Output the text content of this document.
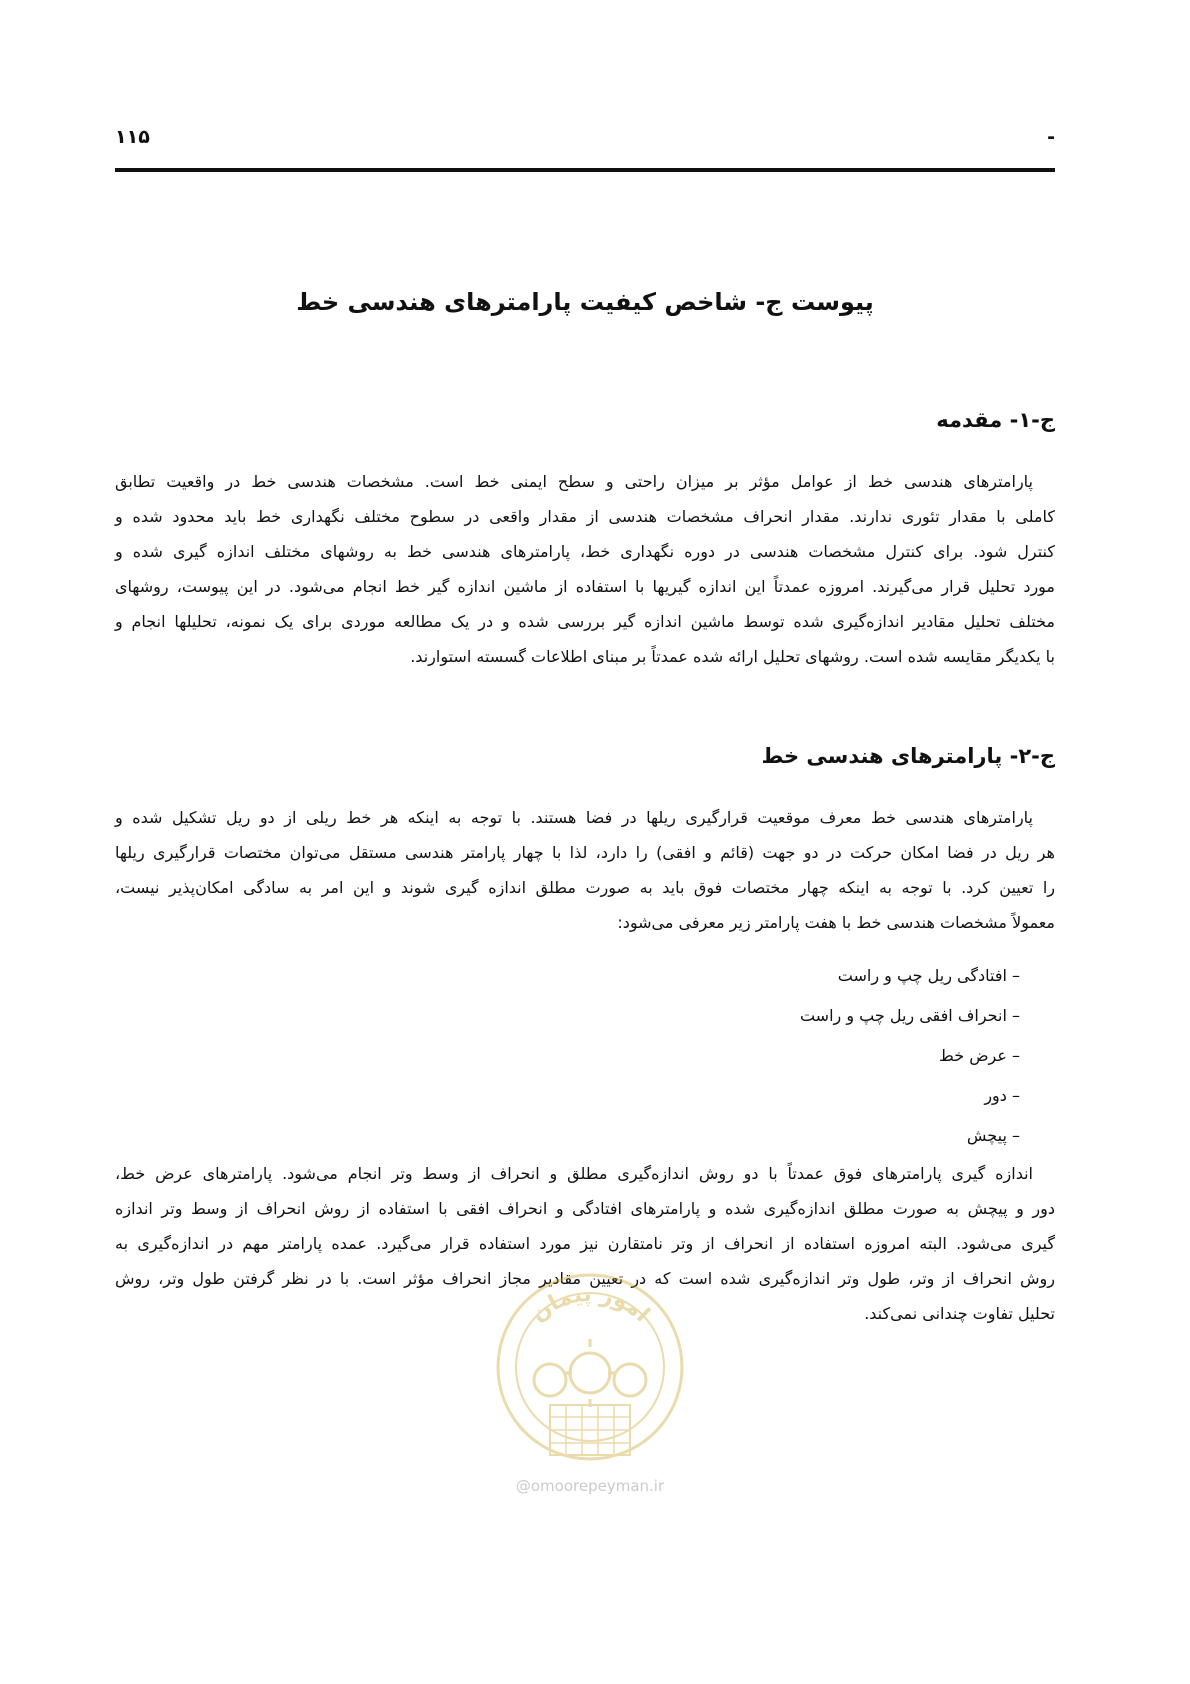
۱۱۵	-
پیوست ج- شاخص کیفیت پارامترهای هندسی خط
ج-۱- مقدمه
پارامترهای هندسی خط از عوامل مؤثر بر میزان راحتی و سطح ایمنی خط است. مشخصات هندسی خط در واقعیت تطابق
کاملی با مقدار تئوری ندارند. مقدار انحراف مشخصات هندسی از مقدار واقعی در سطوح مختلف نگهداری خط باید محدود شده و
کنترل شود. برای کنترل مشخصات هندسی در دوره نگهداری خط، پارامترهای هندسی خط به روشهای مختلف اندازه گیری شده و
مورد تحلیل قرار می‌گیرند. امروزه عمدتاً این اندازه گیریها با استفاده از ماشین اندازه گیر خط انجام می‌شود. در این پیوست، روشهای
مختلف تحلیل مقادیر اندازه‌گیری شده توسط ماشین اندازه گیر بررسی شده و در یک مطالعه موردی برای یک نمونه، تحلیلها انجام و
با یکدیگر مقایسه شده است. روشهای تحلیل ارائه شده عمدتاً بر مبنای اطلاعات گسسته استوارند.
ج-۲- پارامترهای هندسی خط
پارامترهای هندسی خط معرف موقعیت قرارگیری ریلها در فضا هستند. با توجه به اینکه هر خط ریلی از دو ریل تشکیل شده و
هر ریل در فضا امکان حرکت در دو جهت (قائم و افقی) را دارد، لذا با چهار پارامتر هندسی مستقل می‌توان مختصات قرارگیری ریلها
را تعیین کرد. با توجه به اینکه چهار مختصات فوق باید به صورت مطلق اندازه گیری شوند و این امر به سادگی امکان‌پذیر نیست،
معمولاً مشخصات هندسی خط با هفت پارامتر زیر معرفی می‌شود:
– افتادگی ریل چپ و راست
– انحراف افقی ریل چپ و راست
– عرض خط
– دور
– پیچش
اندازه گیری پارامترهای فوق عمدتاً با دو روش اندازه‌گیری مطلق و انحراف از وسط وتر انجام می‌شود. پارامترهای عرض خط،
دور و پیچش به صورت مطلق اندازه‌گیری شده و پارامترهای افتادگی و انحراف افقی با استفاده از روش انحراف از وسط وتر اندازه
گیری می‌شود. البته امروزه استفاده از انحراف از وتر نامتقارن نیز مورد استفاده قرار می‌گیرد. عمده پارامتر مهم در اندازه‌گیری به
روش انحراف از وتر، طول وتر اندازه‌گیری شده است که در تعیین مقادیر مجاز انحراف مؤثر است. با در نظر گرفتن طول وتر، روش
تحلیل تفاوت چندانی نمی‌کند.
امور پیمان
@omoorepeyman.ir
